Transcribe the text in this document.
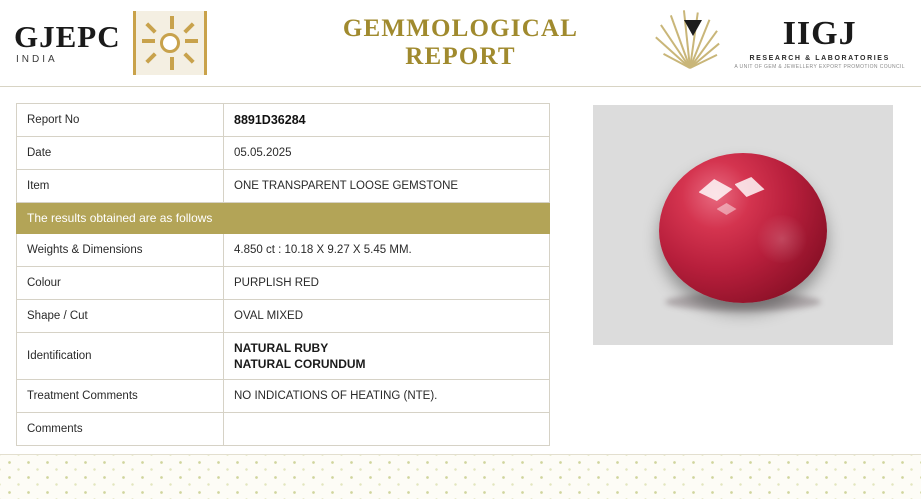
GJEPC
INDIA
GEMMOLOGICAL REPORT
IIGJ
RESEARCH & LABORATORIES
A UNIT OF GEM & JEWELLERY EXPORT PROMOTION COUNCIL
Report No	8891D36284
Date	05.05.2025
Item	ONE TRANSPARENT LOOSE GEMSTONE
The results obtained are as follows	
Weights & Dimensions	4.850 ct : 10.18 X 9.27 X 5.45 MM.
Colour	PURPLISH RED
Shape / Cut	OVAL MIXED
Identification	NATURAL RUBY
NATURAL CORUNDUM

Treatment Comments	NO INDICATIONS OF HEATING (NTE).
Comments	
